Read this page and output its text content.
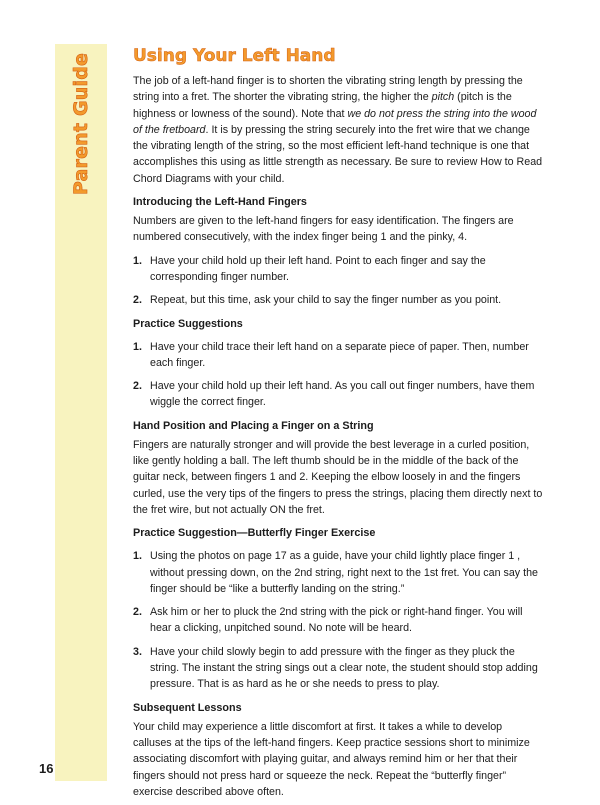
Parent Guide Using Your Left Hand

The job of a left-hand finger is to shorten the vibrating string length by pressing the string into a fret. The shorter the vibrating string, the higher the pitch (pitch is the highness or lowness of the sound). Note that we do not press the string into the wood of the fretboard. It is by pressing the string securely into the fret wire that we change the vibrating length of the string, so the most efficient left-hand technique is one that accomplishes this using as little strength as necessary. Be sure to review How to Read Chord Diagrams with your child.

Introducing the Left-Hand Fingers

Numbers are given to the left-hand fingers for easy identification. The fingers are numbered consecutively, with the index finger being 1 and the pinky, 4.

1. Have your child hold up their left hand. Point to each finger and say the corresponding finger number.
2. Repeat, but this time, ask your child to say the finger number as you point.
Practice Suggestions
1. Have your child trace their left hand on a separate piece of paper. Then, number each finger.
2. Have your child hold up their left hand. As you call out finger numbers, have them wiggle the correct finger.
Hand Position and Placing a Finger on a String

Fingers are naturally stronger and will provide the best leverage in a curled position, like gently holding a ball. The left thumb should be in the middle of the back of the guitar neck, between fingers 1 and 2. Keeping the elbow loosely in and the fingers curled, use the very tips of the fingers to press the strings, placing them directly next to the fret wire, but not actually ON the fret.

Practice Suggestion—Butterfly Finger Exercise
1. Using the photos on page 17 as a guide, have your child lightly place finger 1 , without pressing down, on the 2nd string, right next to the 1st fret. You can say the finger should be “like a butterfly landing on the string.”
2. Ask him or her to pluck the 2nd string with the pick or right-hand finger. You will hear a clicking, unpitched sound. No note will be heard.
3. Have your child slowly begin to add pressure with the finger as they pluck the string. The instant the string sings out a clear note, the student should stop adding pressure. That is as hard as he or she needs to press to play.
Subsequent Lessons

Your child may experience a little discomfort at first. It takes a while to develop calluses at the tips of the left-hand fingers. Keep practice sessions short to minimize associating discomfort with playing guitar, and always remind him or her that their fingers should not press hard or squeeze the neck. Repeat the “butterfly finger” exercise described above often.

16
